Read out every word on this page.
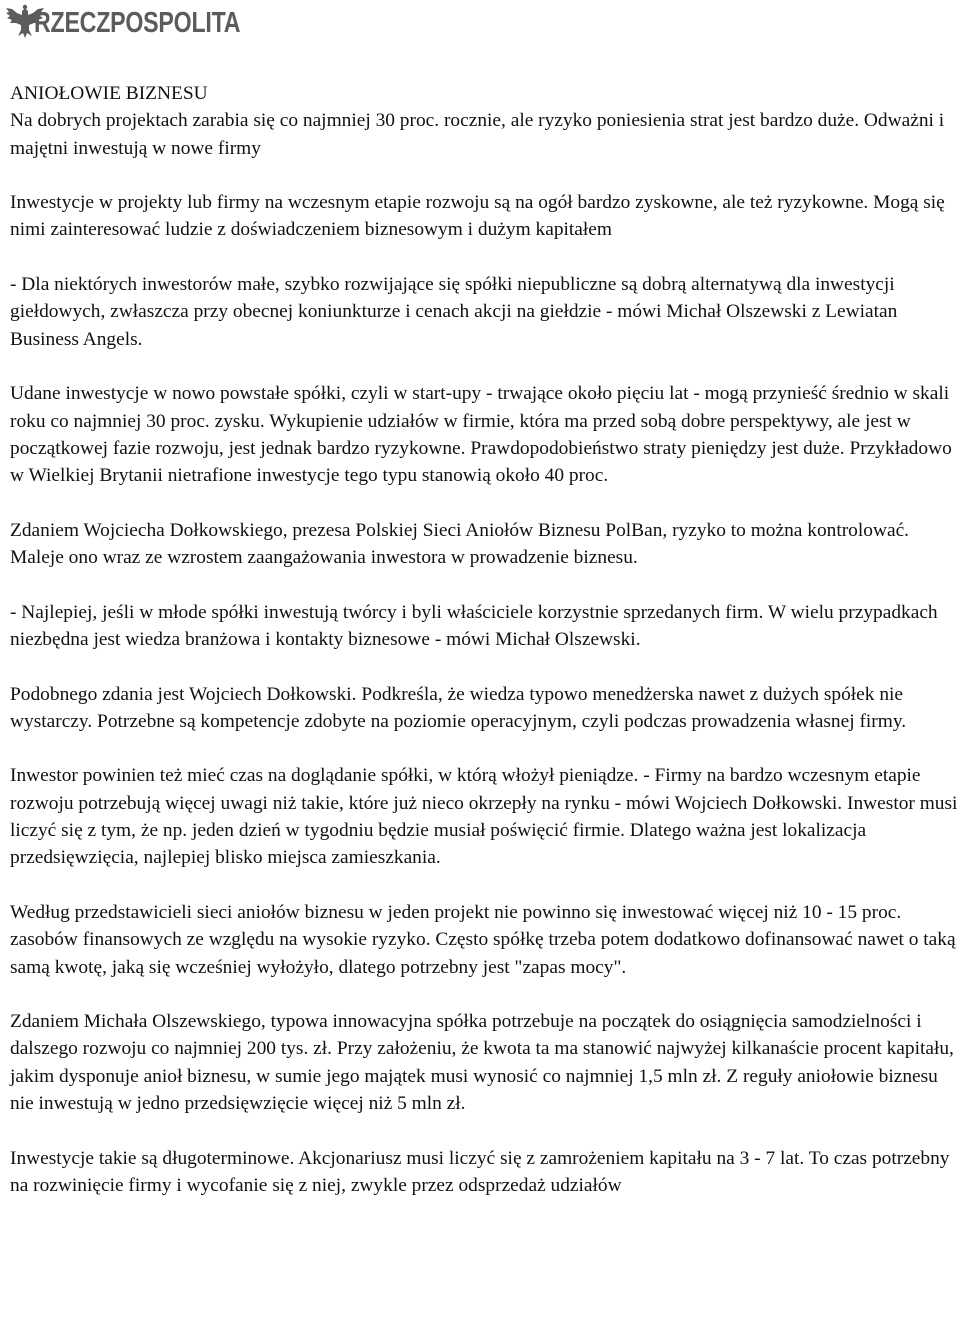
RZECZPOSPOLITA

ANIOŁOWIE BIZNESU
Na dobrych projektach zarabia się co najmniej 30 proc. rocznie, ale ryzyko poniesienia strat jest bardzo duże. Odważni i majętni inwestują w nowe firmy

Inwestycje w projekty lub firmy na wczesnym etapie rozwoju są na ogół bardzo zyskowne, ale też ryzykowne. Mogą się nimi zainteresować ludzie z doświadczeniem biznesowym i dużym kapitałem

- Dla niektórych inwestorów małe, szybko rozwijające się spółki niepubliczne są dobrą alternatywą dla inwestycji giełdowych, zwłaszcza przy obecnej koniunkturze i cenach akcji na giełdzie - mówi Michał Olszewski z Lewiatan Business Angels.

Udane inwestycje w nowo powstałe spółki, czyli w start-upy - trwające około pięciu lat - mogą przynieść średnio w skali roku co najmniej 30 proc. zysku. Wykupienie udziałów w firmie, która ma przed sobą dobre perspektywy, ale jest w początkowej fazie rozwoju, jest jednak bardzo ryzykowne. Prawdopodobieństwo straty pieniędzy jest duże. Przykładowo w Wielkiej Brytanii nietrafione inwestycje tego typu stanowią około 40 proc.

Zdaniem Wojciecha Dołkowskiego, prezesa Polskiej Sieci Aniołów Biznesu PolBan, ryzyko to można kontrolować. Maleje ono wraz ze wzrostem zaangażowania inwestora w prowadzenie biznesu.

- Najlepiej, jeśli w młode spółki inwestują twórcy i byli właściciele korzystnie sprzedanych firm. W wielu przypadkach niezbędna jest wiedza branżowa i kontakty biznesowe - mówi Michał Olszewski.

Podobnego zdania jest Wojciech Dołkowski. Podkreśla, że wiedza typowo menedżerska nawet z dużych spółek nie wystarczy. Potrzebne są kompetencje zdobyte na poziomie operacyjnym, czyli podczas prowadzenia własnej firmy.

Inwestor powinien też mieć czas na doglądanie spółki, w którą włożył pieniądze. - Firmy na bardzo wczesnym etapie rozwoju potrzebują więcej uwagi niż takie, które już nieco okrzepły na rynku - mówi Wojciech Dołkowski. Inwestor musi liczyć się z tym, że np. jeden dzień w tygodniu będzie musiał poświęcić firmie. Dlatego ważna jest lokalizacja przedsięwzięcia, najlepiej blisko miejsca zamieszkania.

Według przedstawicieli sieci aniołów biznesu w jeden projekt nie powinno się inwestować więcej niż 10 - 15 proc. zasobów finansowych ze względu na wysokie ryzyko. Często spółkę trzeba potem dodatkowo dofinansować nawet o taką samą kwotę, jaką się wcześniej wyłożyło, dlatego potrzebny jest "zapas mocy".

Zdaniem Michała Olszewskiego, typowa innowacyjna spółka potrzebuje na początek do osiągnięcia samodzielności i dalszego rozwoju co najmniej 200 tys. zł. Przy założeniu, że kwota ta ma stanowić najwyżej kilkanaście procent kapitału, jakim dysponuje anioł biznesu, w sumie jego majątek musi wynosić co najmniej 1,5 mln zł. Z reguły aniołowie biznesu nie inwestują w jedno przedsięwzięcie więcej niż 5 mln zł.

Inwestycje takie są długoterminowe. Akcjonariusz musi liczyć się z zamrożeniem kapitału na 3 - 7 lat. To czas potrzebny na rozwinięcie firmy i wycofanie się z niej, zwykle przez odsprzedaż udziałów
